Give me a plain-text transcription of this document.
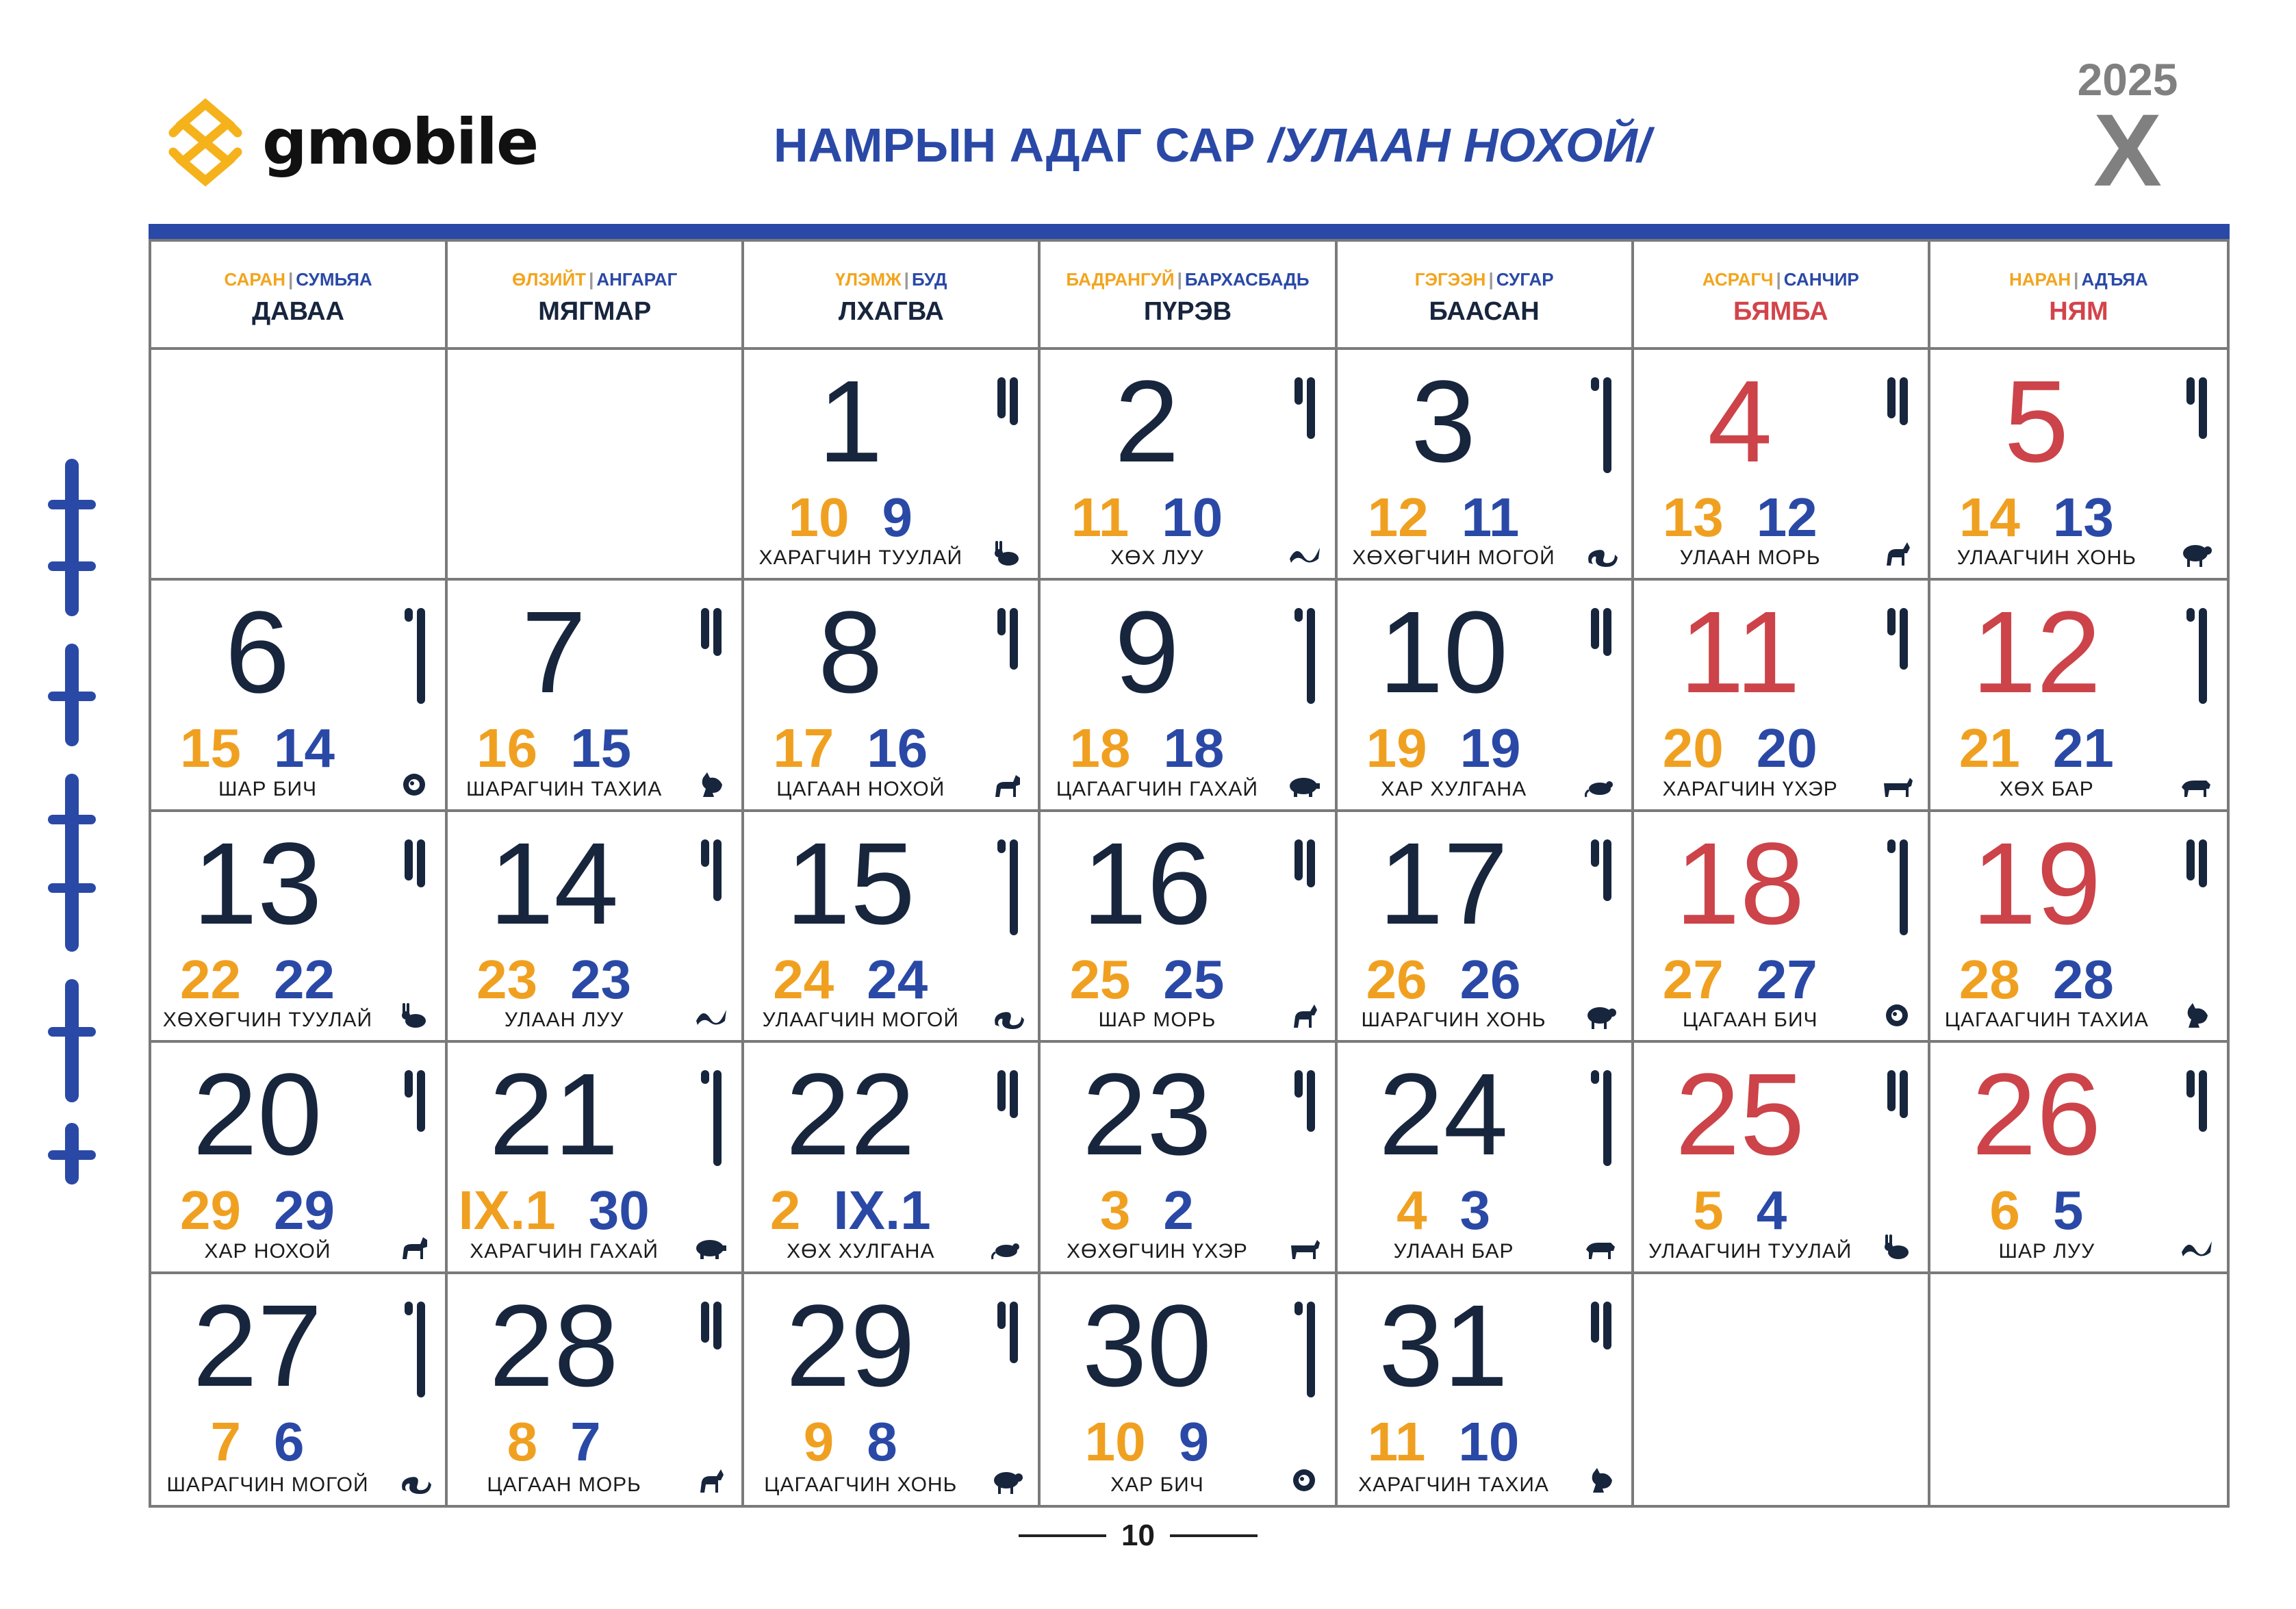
gmobile	НАМРЫН АДАГ САР /УЛААН НОХОЙ/
2025
X
САРАН | СУМЬЯА
ДАВАА
ӨЛЗИЙТ | АНГАРАГ
МЯГМАР
ҮЛЭМЖ | БУД
ЛХАГВА
БАДРАНГУЙ | БАРХАСБАДЬ
ПҮРЭВ
ГЭГЭЭН | СУГАР
БААСАН
АСРАГЧ | САНЧИР
БЯМБА
НАРАН | АДЪЯА
НЯМ
1
10 9
ХАРАГЧИН ТУУЛАЙ
2
11 10
ХӨХ ЛУУ
3
12 11
ХӨХӨГЧИН МОГОЙ
4
13 12
УЛААН МОРЬ
5
14 13
УЛААГЧИН ХОНЬ
6
15 14
ШАР БИЧ
7
16 15
ШАРАГЧИН ТАХИА
8
17 16
ЦАГААН НОХОЙ
9
18 18
ЦАГААГЧИН ГАХАЙ
10
19 19
ХАР ХУЛГАНА
11
20 20
ХАРАГЧИН ҮХЭР
12
21 21
ХӨХ БАР
13
22 22
ХӨХӨГЧИН ТУУЛАЙ
14
23 23
УЛААН ЛУУ
15
24 24
УЛААГЧИН МОГОЙ
16
25 25
ШАР МОРЬ
17
26 26
ШАРАГЧИН ХОНЬ
18
27 27
ЦАГААН БИЧ
19
28 28
ЦАГААГЧИН ТАХИА
20
29 29
ХАР НОХОЙ
21
IX.1 30
ХАРАГЧИН ГАХАЙ
22
2 IX.1
ХӨХ ХУЛГАНА
23
3 2
ХӨХӨГЧИН ҮХЭР
24
4 3
УЛААН БАР
25
5 4
УЛААГЧИН ТУУЛАЙ
26
6 5
ШАР ЛУУ
27
7 6
ШАРАГЧИН МОГОЙ
28
8 7
ЦАГААН МОРЬ
29
9 8
ЦАГААГЧИН ХОНЬ
30
10 9
ХАР БИЧ
31
11 10
ХАРАГЧИН ТАХИА
10
